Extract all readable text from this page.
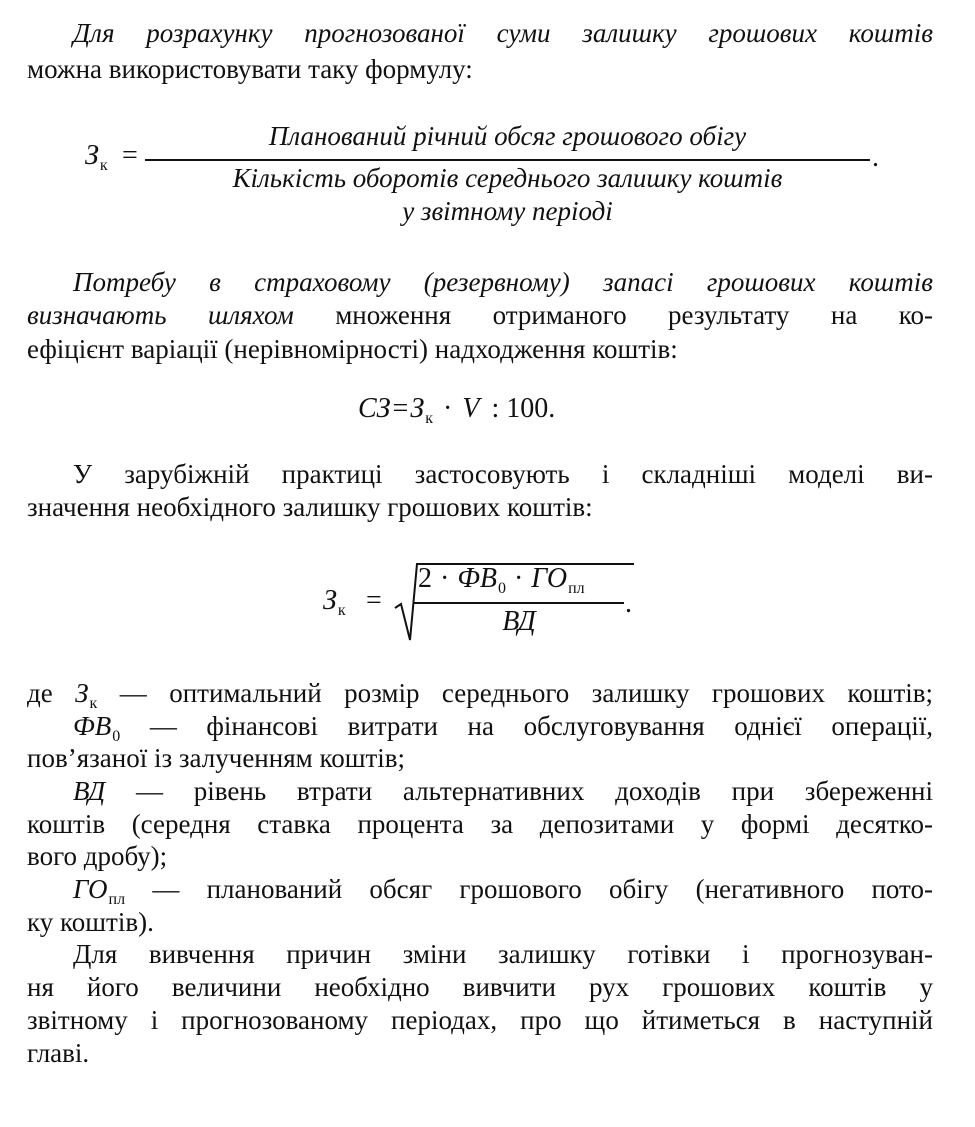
Для розрахунку прогнозованої суми залишку грошових коштів
можна використовувати таку формулу:
$З_к$ =
Планований річний обсяг грошового обігу
.
Кількість оборотів середнього залишку коштів
у звітному періоді
Потребу в страховому (резервному) запасі грошових коштів
визначають шляхом множення отриманого результату на ко-
ефіцієнт варіації (нерівномірності) надходження коштів:
$СЗ=З_к \cdot V$ : 100.
У зарубіжній практиці застосовують і складніші моделі ви-
значення необхідного залишку грошових коштів:
$З_к$ =
$2 \cdot ФВ_0 \cdot ГО_{пл}$
ВД
.
де $З_к$ — оптимальний розмір середнього залишку грошових коштів;
$ФВ_0$ — фінансові витрати на обслуговування однієї операції,
пов’язаної із залученням коштів;
ВД — рівень втрати альтернативних доходів при збереженні
коштів (середня ставка процента за депозитами у формі десятко-
вого дробу);
$ГО_{пл}$ — планований обсяг грошового обігу (негативного пото-
ку коштів).
Для вивчення причин зміни залишку готівки і прогнозуван-
ня його величини необхідно вивчити рух грошових коштів у
звітному і прогнозованому періодах, про що йтиметься в наступній
главі.
